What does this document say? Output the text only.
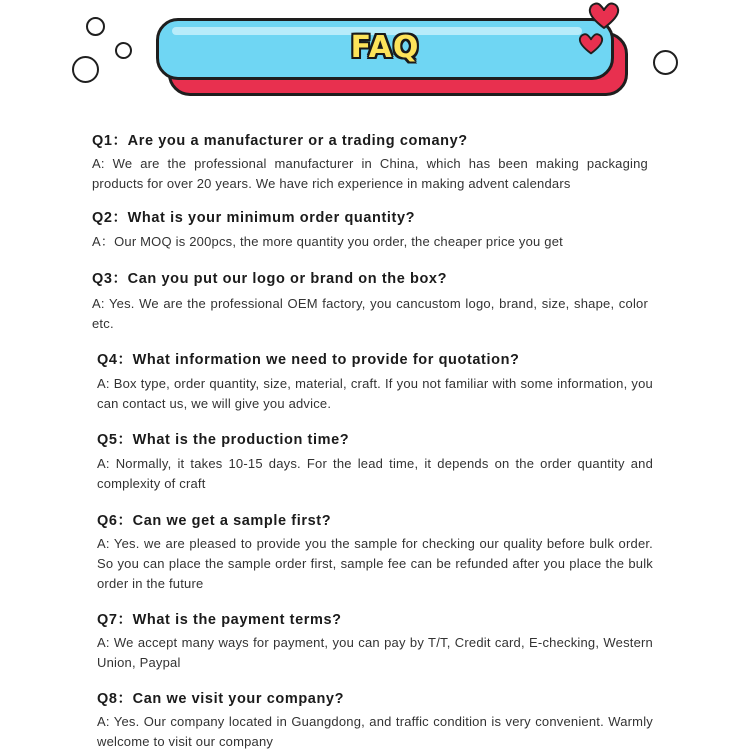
FAQ
Q1：Are you a manufacturer or a trading comany?
A: We are the professional manufacturer in China, which has been making packaging products for over 20 years. We have rich experience in making advent calendars
Q2：What is your minimum order quantity?
A：Our MOQ is 200pcs, the more quantity you order, the cheaper price you get
Q3：Can you put our logo or brand on the box?
A: Yes. We are the professional OEM factory, you cancustom logo, brand, size, shape, color etc.
Q4：What information we need to provide for quotation?
A: Box type, order quantity, size, material, craft. If you not familiar with some information, you can contact us, we will give you advice.
Q5：What is the production time?
A: Normally, it takes 10-15 days. For the lead time, it depends on the order quantity and complexity of craft
Q6：Can we get a sample first?
A: Yes. we are pleased to provide you the sample for checking our quality before bulk order. So you can place the sample order first, sample fee can be refunded after you place the bulk order in the future
Q7：What is the payment terms?
A: We accept many ways for payment, you can pay by T/T, Credit card, E-checking, Western Union, Paypal
Q8：Can we visit your company?
A: Yes. Our company located in Guangdong, and traffic condition is very convenient. Warmly welcome to visit our company
